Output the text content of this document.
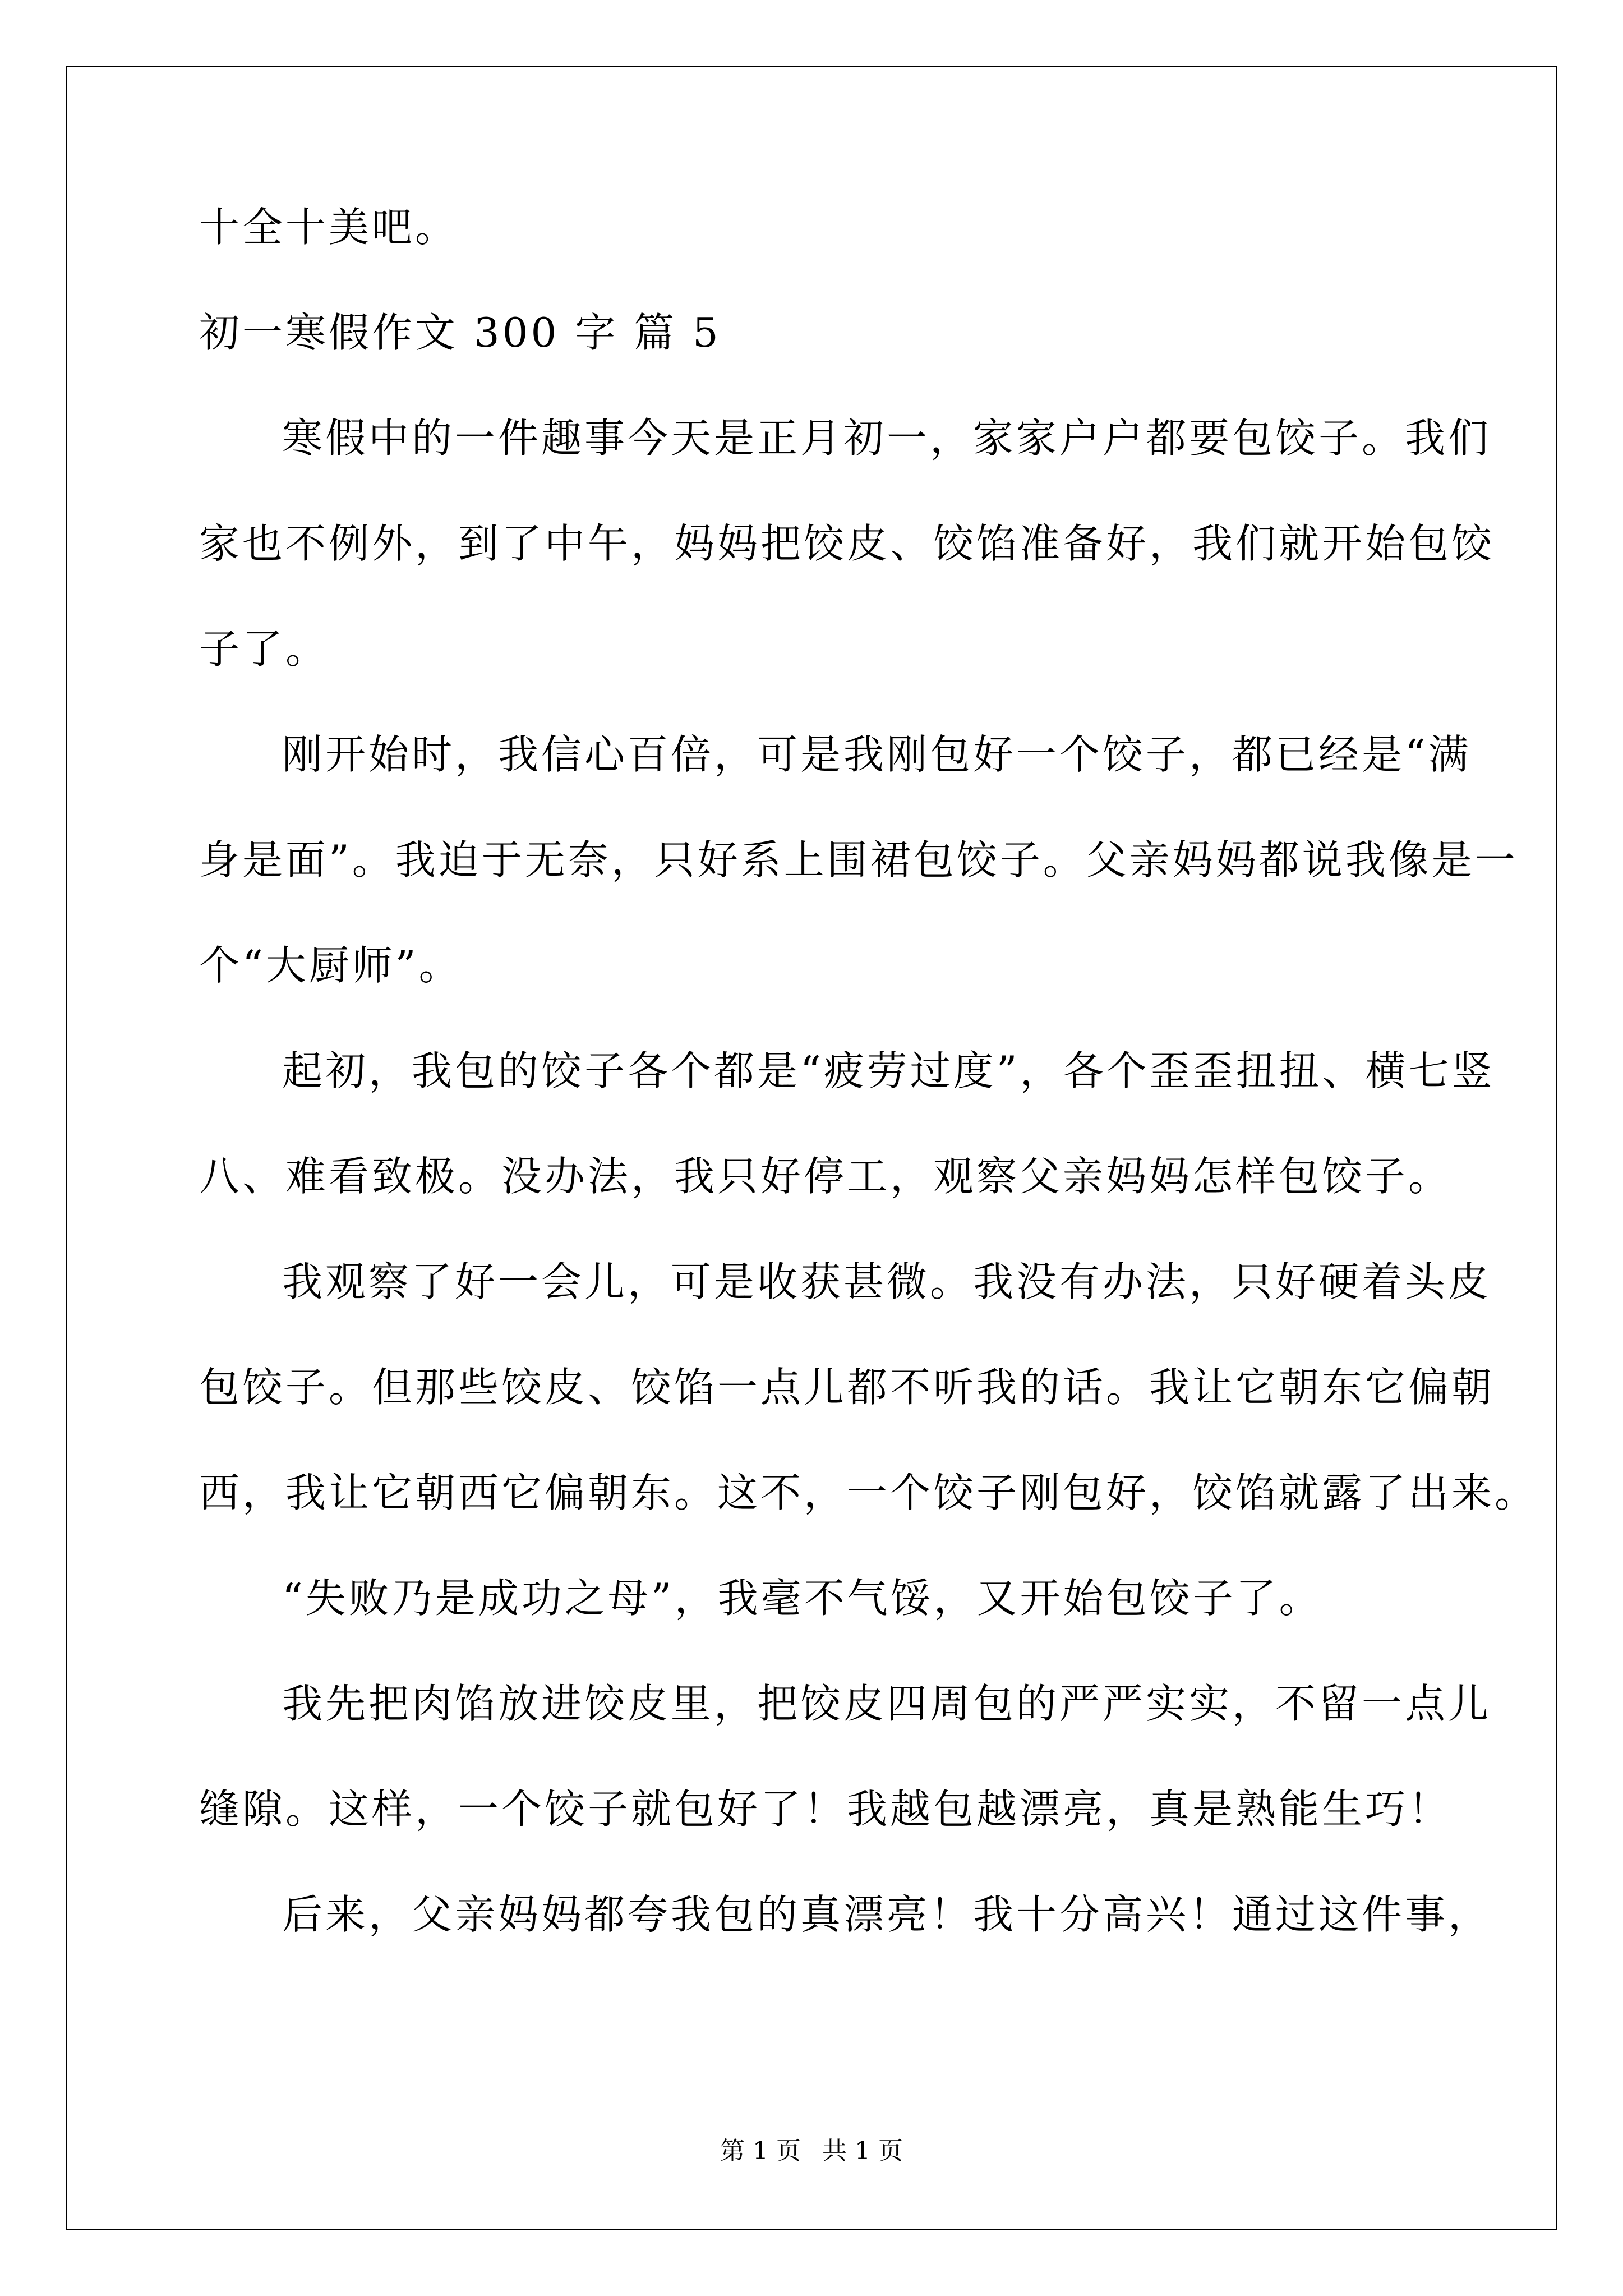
十全十美吧。
初一寒假作文 300 字 篇 5
寒假中的一件趣事今天是正月初一，家家户户都要包饺子。我们
家也不例外，到了中午，妈妈把饺皮、饺馅准备好，我们就开始包饺
子了。
刚开始时，我信心百倍，可是我刚包好一个饺子，都已经是“满
身是面”。我迫于无奈，只好系上围裙包饺子。父亲妈妈都说我像是一
个“大厨师”。
起初，我包的饺子各个都是“疲劳过度”，各个歪歪扭扭、横七竖
八、难看致极。没办法，我只好停工，观察父亲妈妈怎样包饺子。
我观察了好一会儿，可是收获甚微。我没有办法，只好硬着头皮
包饺子。但那些饺皮、饺馅一点儿都不听我的话。我让它朝东它偏朝
西，我让它朝西它偏朝东。这不，一个饺子刚包好，饺馅就露了出来。
“失败乃是成功之母”，我毫不气馁，又开始包饺子了。
我先把肉馅放进饺皮里，把饺皮四周包的严严实实，不留一点儿
缝隙。这样，一个饺子就包好了！我越包越漂亮，真是熟能生巧！
后来，父亲妈妈都夸我包的真漂亮！我十分高兴！通过这件事，
第 1 页 共 1 页
